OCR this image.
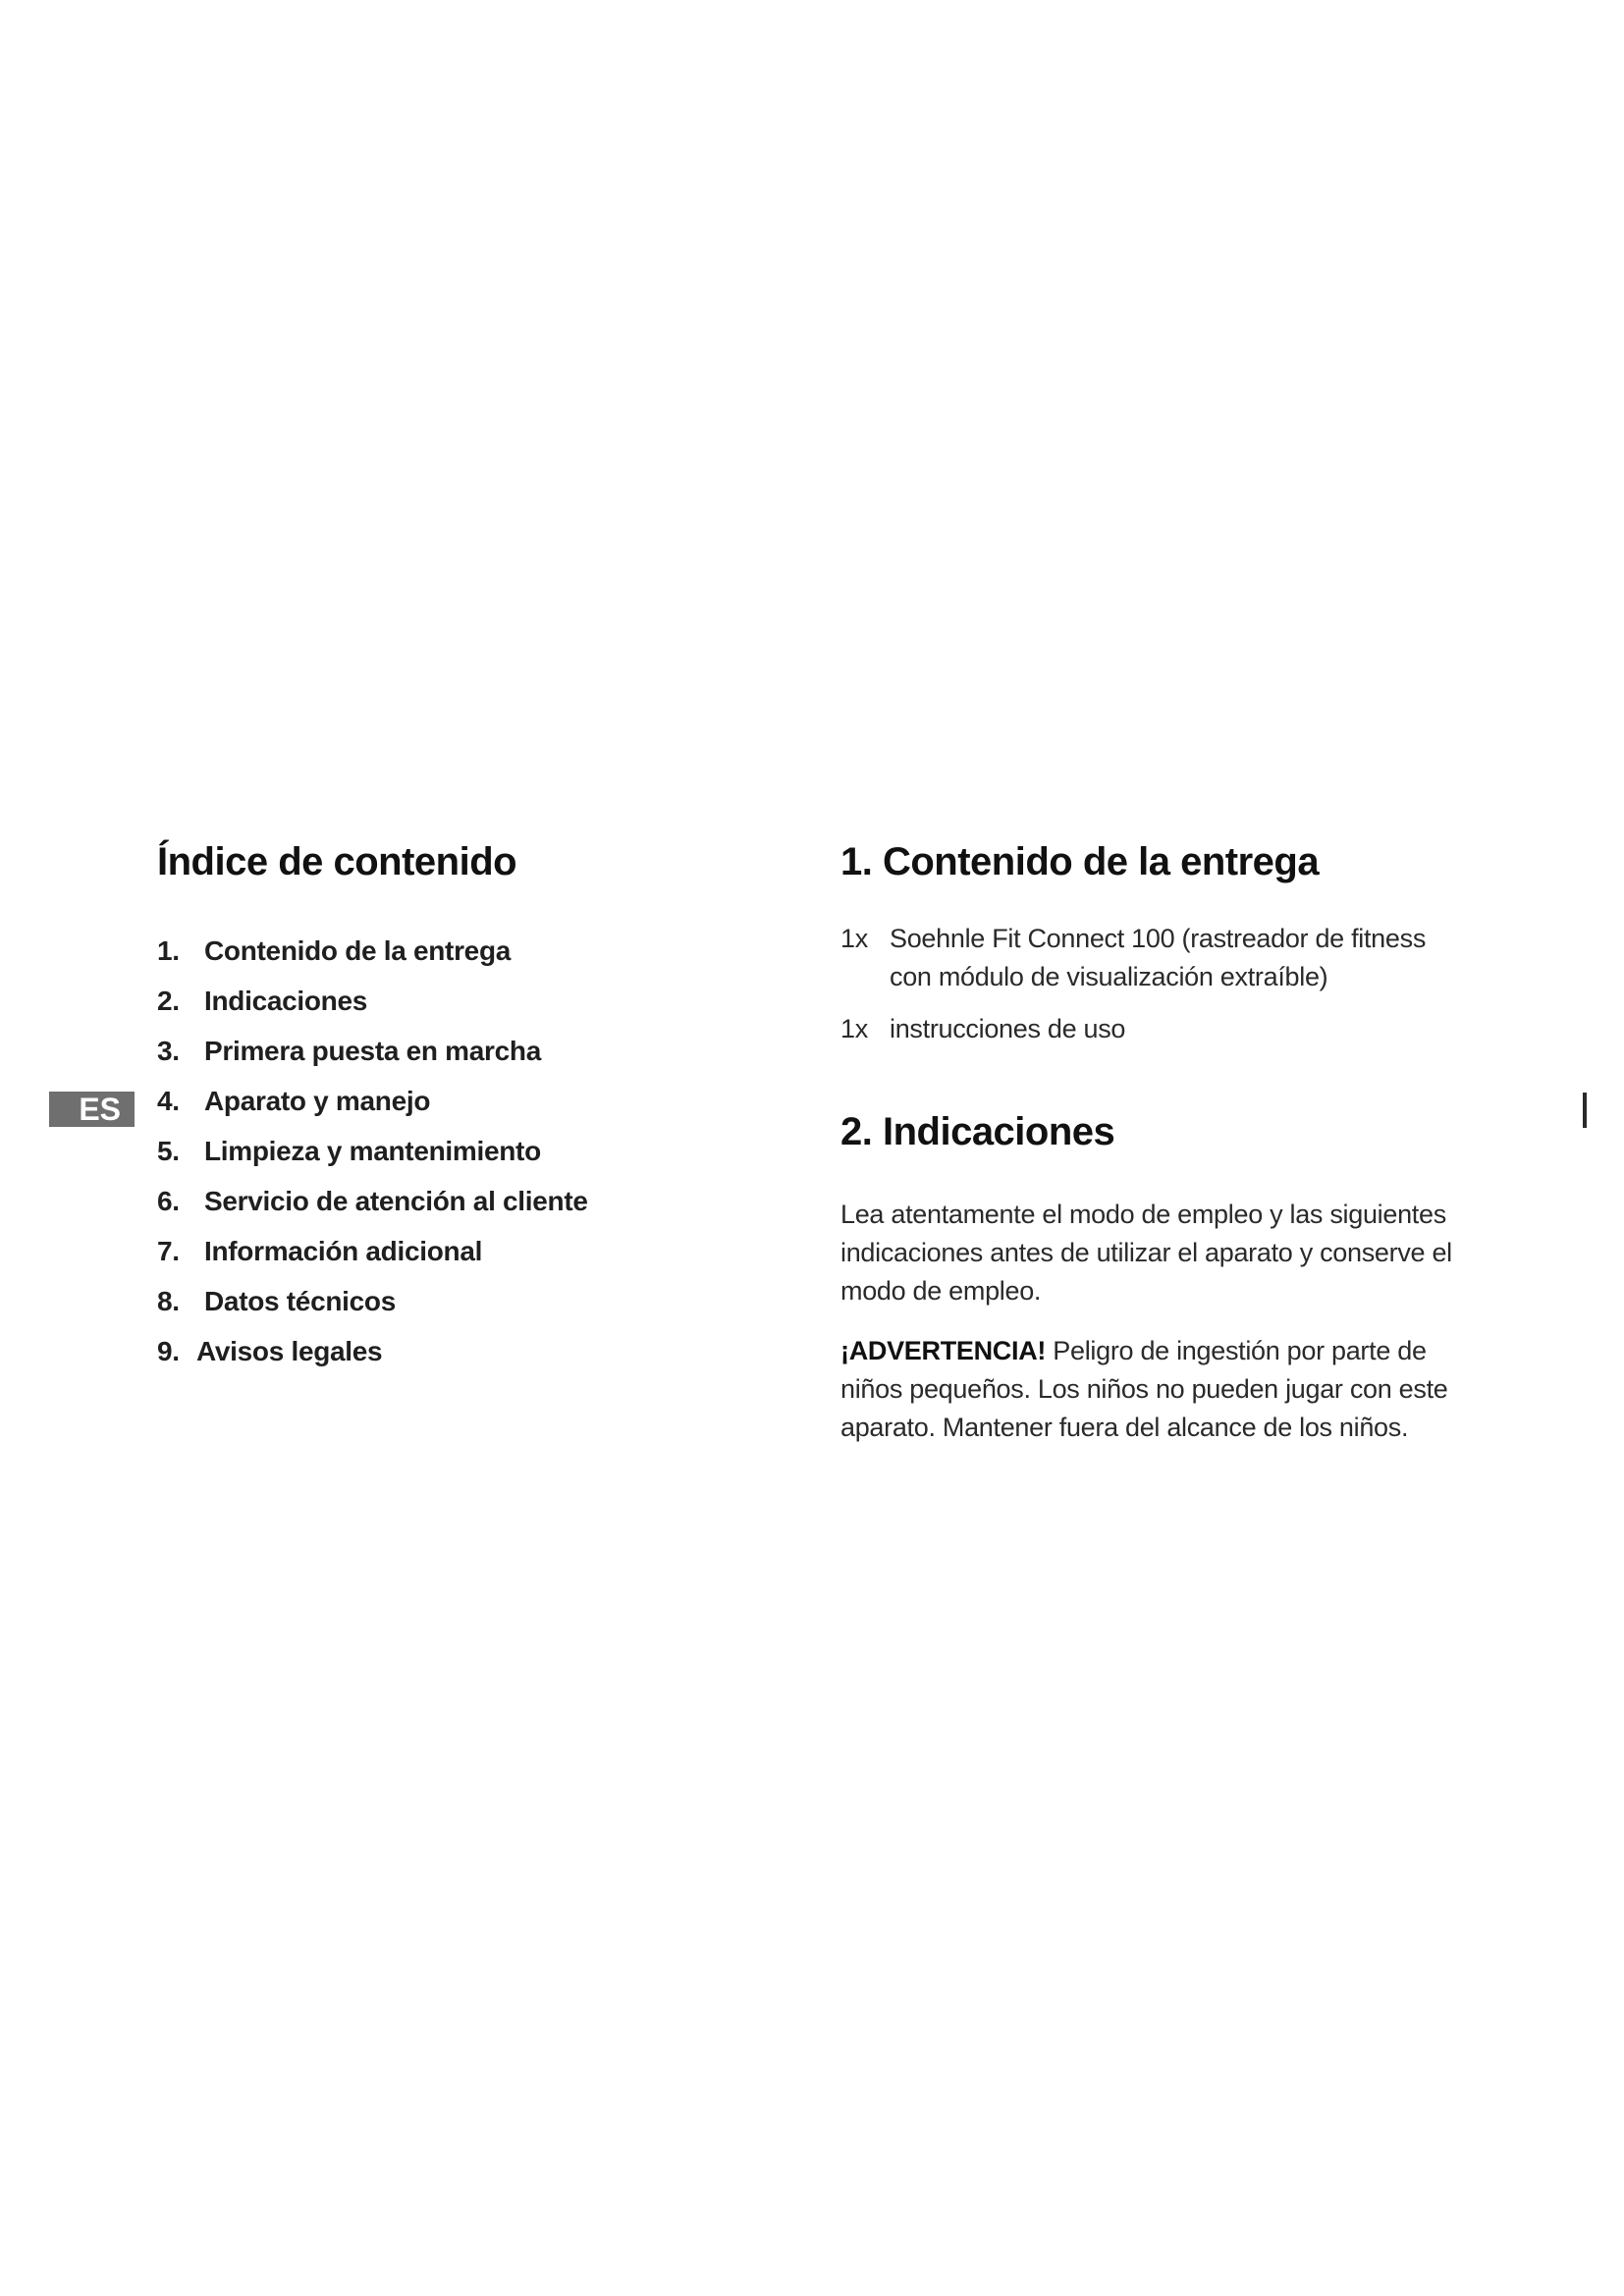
ES
Índice de contenido
1. Contenido de la entrega
2. Indicaciones
3. Primera puesta en marcha
4. Aparato y manejo
5. Limpieza y mantenimiento
6. Servicio de atención al cliente
7. Información adicional
8. Datos técnicos
9. Avisos legales
1. Contenido de la entrega
1x Soehnle Fit Connect 100 (rastreador de fitness con módulo de visualización extraíble)
1x instrucciones de uso
2. Indicaciones

Lea atentamente el modo de empleo y las siguientes indicaciones antes de utilizar el aparato y conserve el modo de empleo.

¡ADVERTENCIA! Peligro de ingestión por parte de niños pequeños. Los niños no pueden jugar con este aparato. Mantener fuera del alcance de los niños.
